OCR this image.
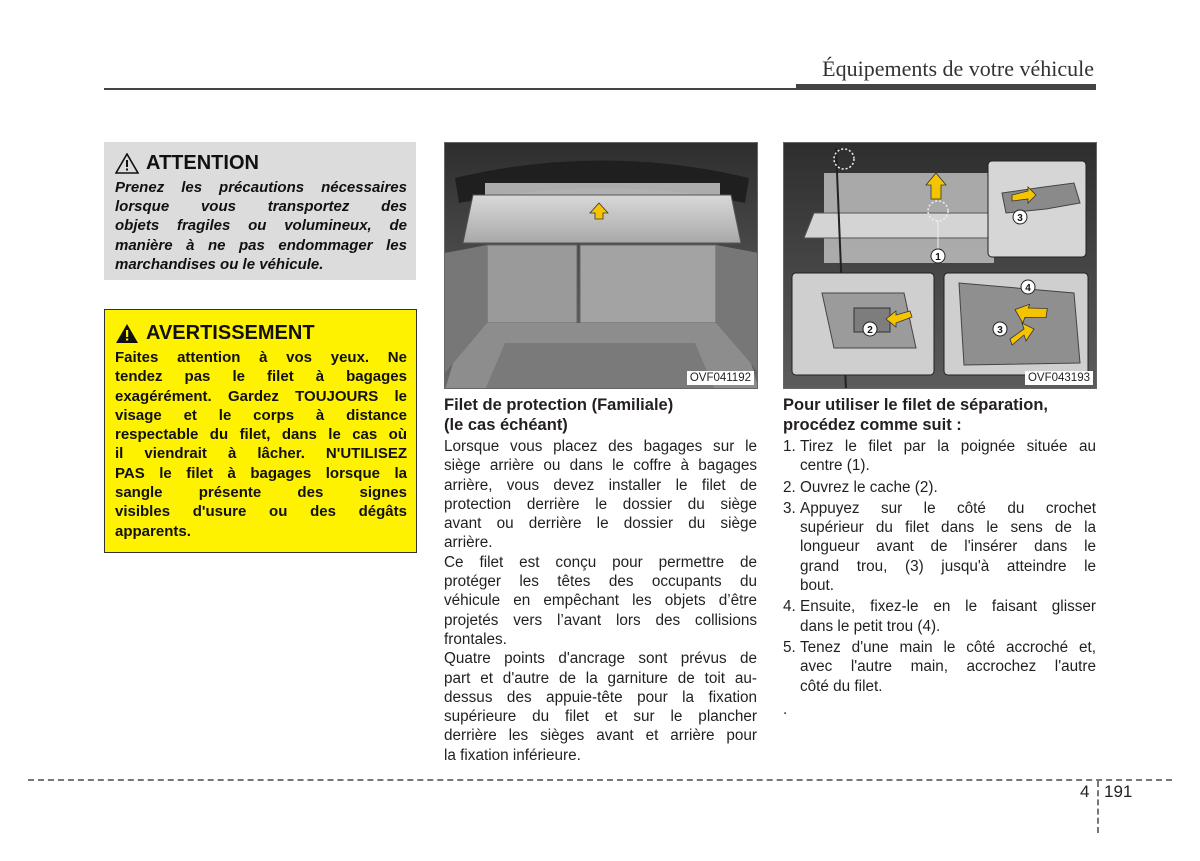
Équipements de votre véhicule
ATTENTION
Prenez les précautions nécessaires
lorsque vous transportez des
objets fragiles ou volumineux, de
manière à ne pas endommager les
marchandises ou le véhicule.
AVERTISSEMENT
Faites attention à vos yeux. Ne
tendez pas le filet à bagages
exagérément. Gardez TOUJOURS le
visage et le corps à distance
respectable du filet, dans le cas où
il viendrait à lâcher. N'UTILISEZ
PAS le filet à bagages lorsque la
sangle présente des signes
visibles d'usure ou des dégâts
apparents.
OVF041192
1
3
2
4
3
OVF043193
Filet de protection (Familiale)
(le cas échéant)
Lorsque vous placez des bagages sur le
siège arrière ou dans le coffre à bagages
arrière, vous devez installer le filet de
protection derrière le dossier du siège
avant ou derrière le dossier du siège
arrière.
Ce filet est conçu pour permettre de
protéger les têtes des occupants du
véhicule en empêchant les objets d’être
projetés vers l’avant lors des collisions
frontales.
Quatre points d'ancrage sont prévus de
part et d'autre de la garniture de toit au-
dessus des appuie-tête pour la fixation
supérieure du filet et sur le plancher
derrière les sièges avant et arrière pour
la fixation inférieure.
Pour utiliser le filet de séparation,
procédez comme suit :
1. Tirez le filet par la poignée située au
centre (1).
2. Ouvrez le cache (2).
3. Appuyez sur le côté du crochet
supérieur du filet dans le sens de la
longueur avant de l'insérer dans le
grand trou, (3) jusqu'à atteindre le
bout.
4. Ensuite, fixez-le en le faisant glisser
dans le petit trou (4).
5. Tenez d'une main le côté accroché et,
avec l'autre main, accrochez l'autre
côté du filet.
.
4 191
